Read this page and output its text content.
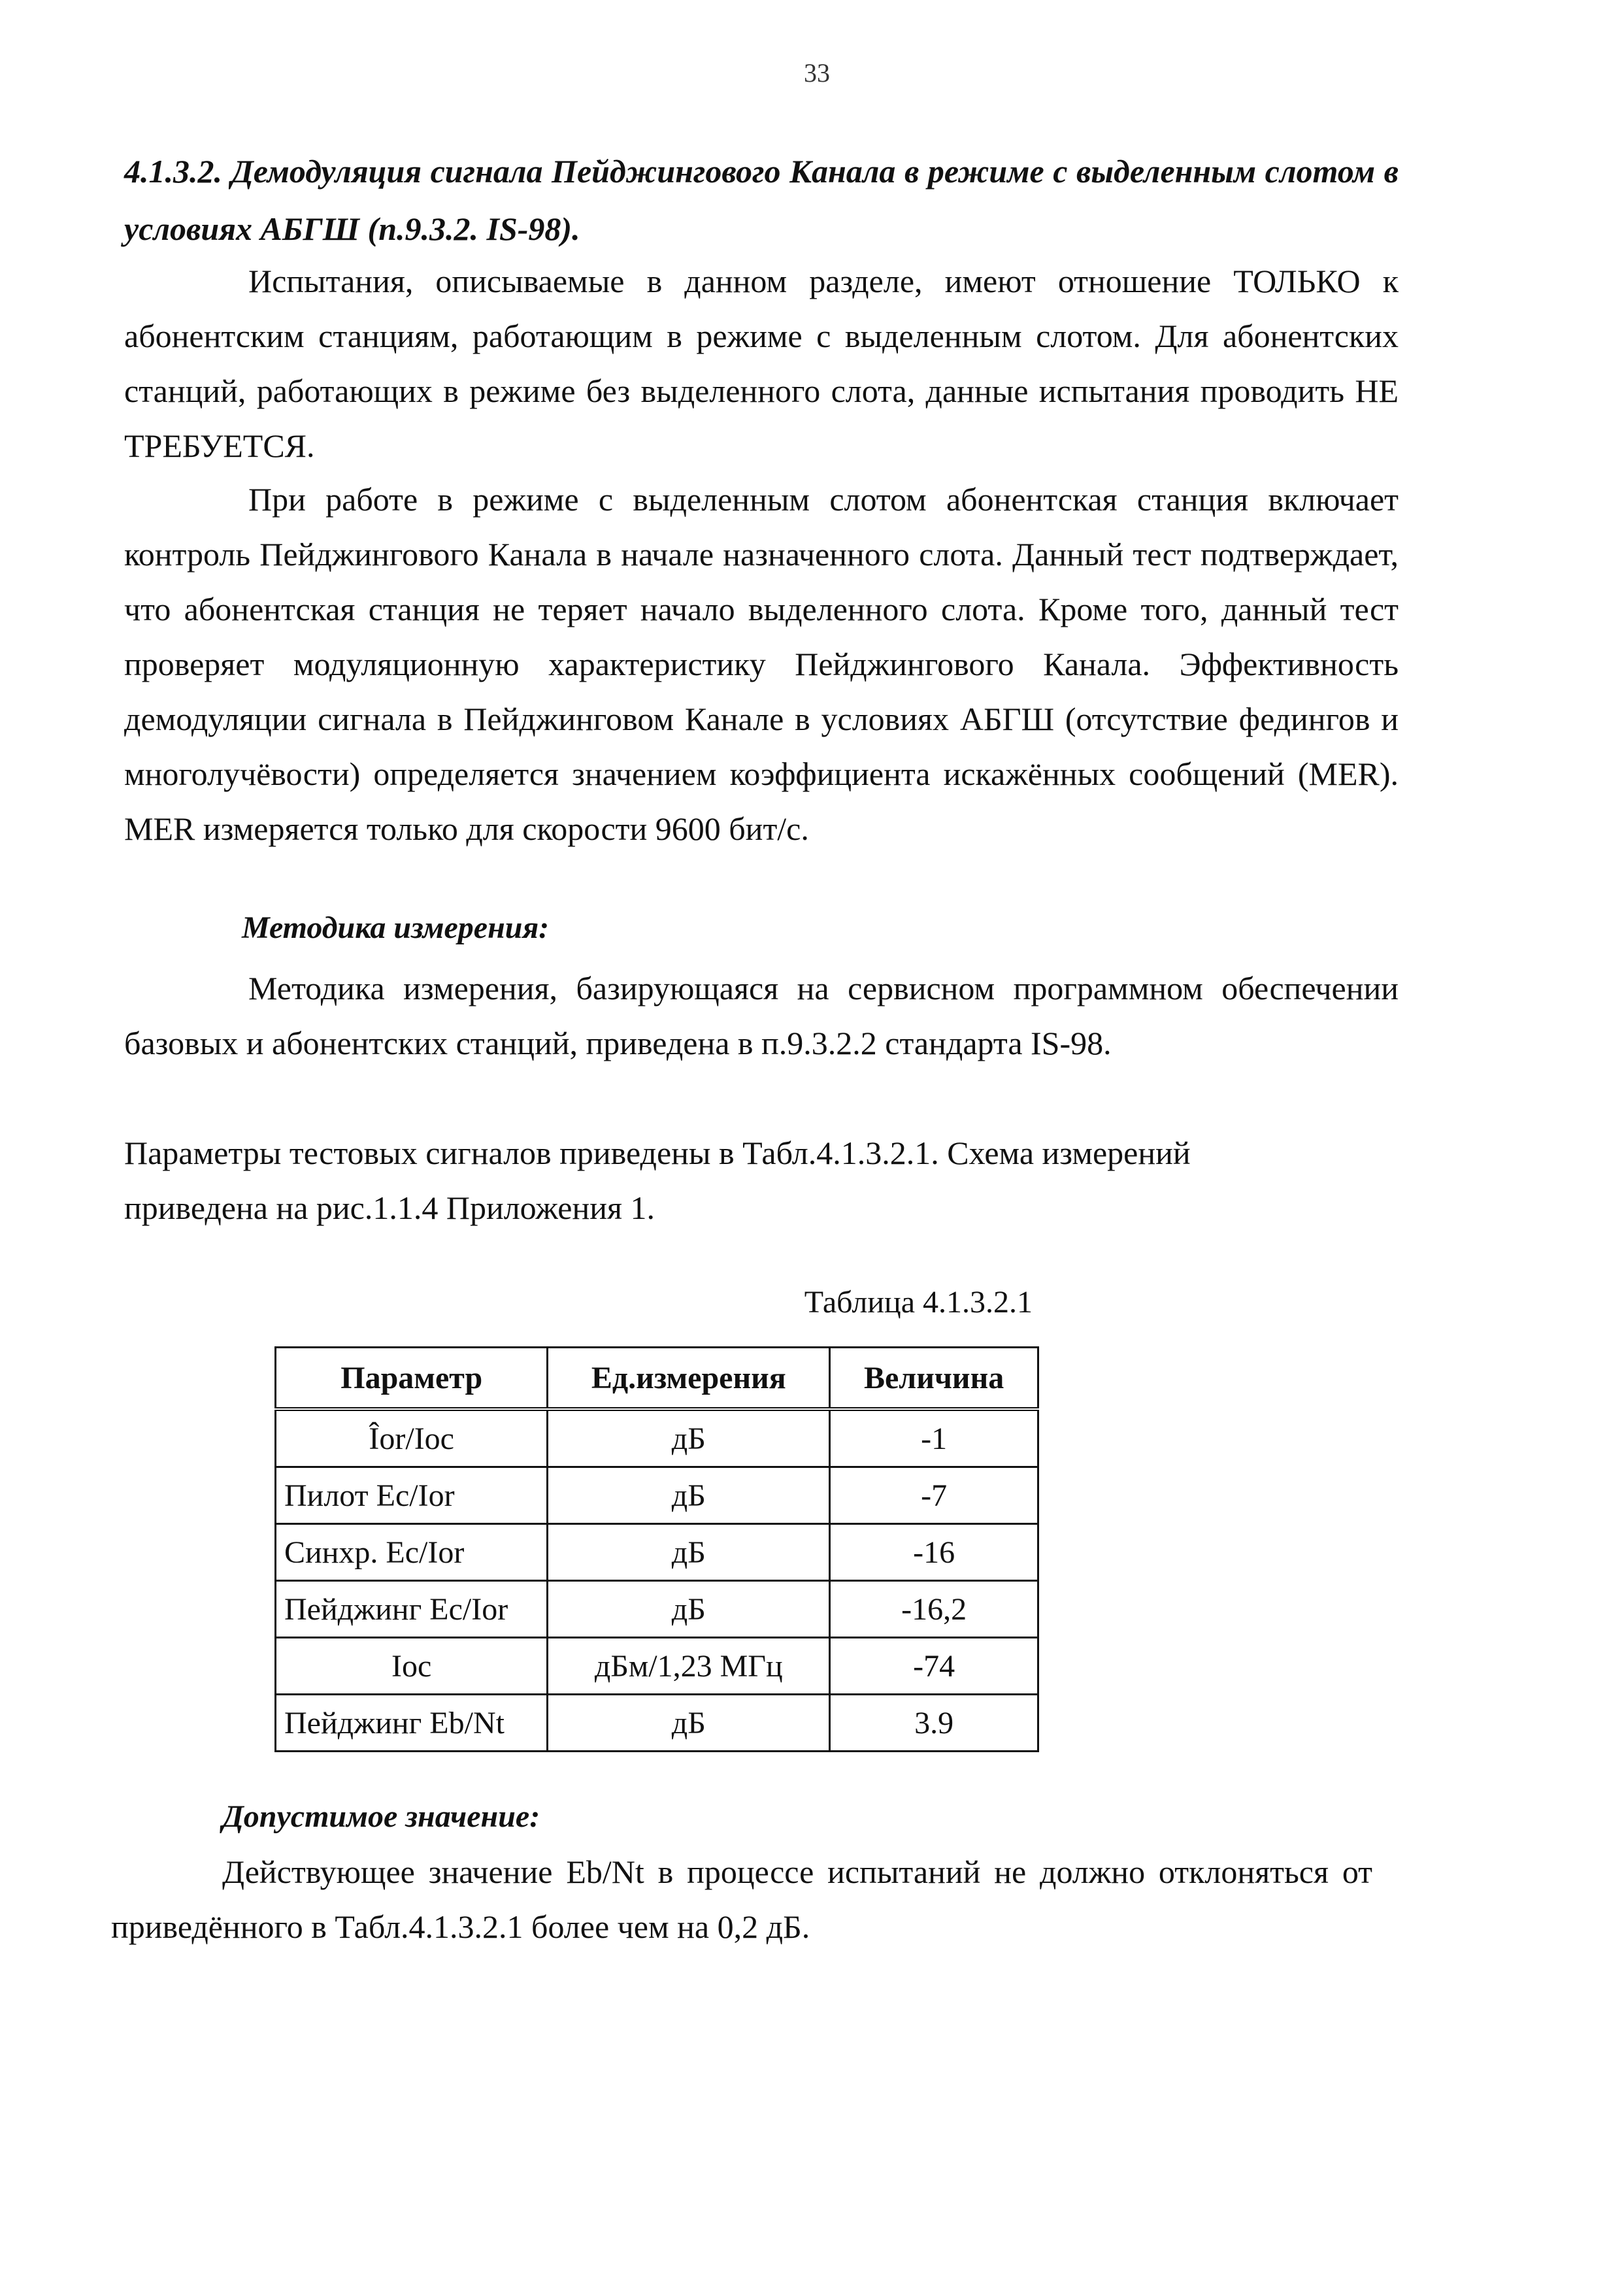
33
4.1.3.2. Демодуляция сигнала Пейджингового Канала в режиме с выделенным слотом в условиях АБГШ (п.9.3.2. IS-98).
Испытания, описываемые в данном разделе, имеют отношение ТОЛЬКО к абонентским станциям, работающим в режиме с выделенным слотом. Для абонентских станций, работающих в режиме без выделенного слота, данные испытания проводить НЕ ТРЕБУЕТСЯ.
При работе в режиме с выделенным слотом абонентская станция включает контроль Пейджингового Канала в начале назначенного слота. Данный тест подтверждает, что абонентская станция не теряет начало выделенного слота. Кроме того, данный тест проверяет модуляционную характеристику Пейджингового Канала. Эффективность демодуляции сигнала в Пейджинговом Канале в условиях АБГШ (отсутствие федингов и многолучёвости) определяется значением коэффициента искажённых сообщений (MER). MER измеряется только для скорости 9600 бит/с.
Методика измерения:
Методика измерения, базирующаяся на сервисном программном обеспечении базовых и абонентских станций, приведена в п.9.3.2.2 стандарта IS-98.
Параметры тестовых сигналов приведены в Табл.4.1.3.2.1. Схема измерений приведена на рис.1.1.4 Приложения 1.
Таблица 4.1.3.2.1
Параметр	Ед.измерения	Величина
Îor/Ioc	дБ	-1
Пилот Ec/Ior	дБ	-7
Синхр. Ec/Ior	дБ	-16
Пейджинг Ec/Ior	дБ	-16,2
Ioc	дБм/1,23 МГц	-74
Пейджинг Eb/Nt	дБ	3.9
Допустимое значение:
Действующее значение Eb/Nt в процессе испытаний не должно отклоняться от приведённого в Табл.4.1.3.2.1 более чем на 0,2 дБ.
